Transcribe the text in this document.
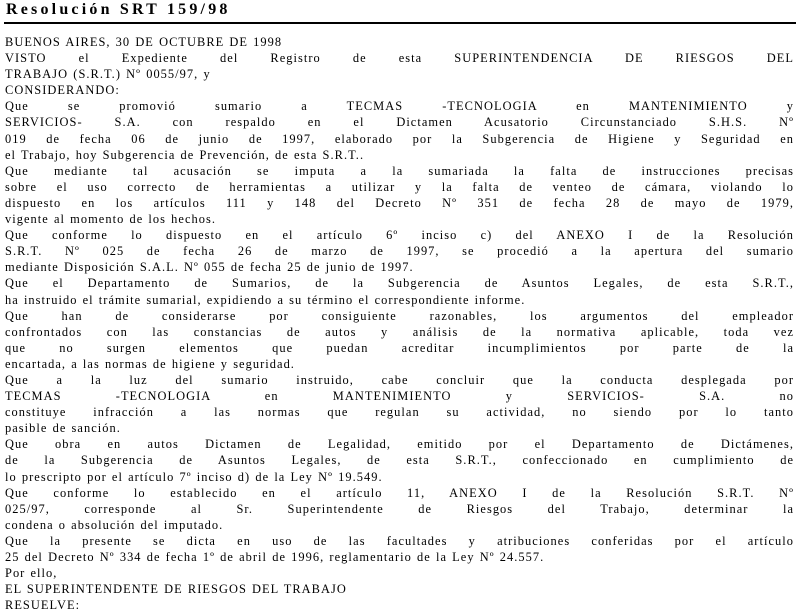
Resolución SRT 159/98
BUENOS AIRES, 30 DE OCTUBRE DE 1998
VISTO el Expediente del Registro de esta SUPERINTENDENCIA DE RIESGOS DEL
TRABAJO (S.R.T.) Nº 0055/97, y
CONSIDERANDO:
Que se promovió sumario a TECMAS -TECNOLOGIA en MANTENIMIENTO y
SERVICIOS- S.A. con respaldo en el Dictamen Acusatorio Circunstanciado S.H.S. Nº
019 de fecha 06 de junio de 1997, elaborado por la Subgerencia de Higiene y Seguridad en
el Trabajo, hoy Subgerencia de Prevención, de esta S.R.T..
Que mediante tal acusación se imputa a la sumariada la falta de instrucciones precisas
sobre el uso correcto de herramientas a utilizar y la falta de venteo de cámara, violando lo
dispuesto en los artículos 111 y 148 del Decreto Nº 351 de fecha 28 de mayo de 1979,
vigente al momento de los hechos.
Que conforme lo dispuesto en el artículo 6º inciso c) del ANEXO I de la Resolución
S.R.T. Nº 025 de fecha 26 de marzo de 1997, se procedió a la apertura del sumario
mediante Disposición S.A.L. Nº 055 de fecha 25 de junio de 1997.
Que el Departamento de Sumarios, de la Subgerencia de Asuntos Legales, de esta S.R.T.,
ha instruido el trámite sumarial, expidiendo a su término el correspondiente informe.
Que han de considerarse por consiguiente razonables, los argumentos del empleador
confrontados con las constancias de autos y análisis de la normativa aplicable, toda vez
que no surgen elementos que puedan acreditar incumplimientos por parte de la
encartada, a las normas de higiene y seguridad.
Que a la luz del sumario instruido, cabe concluir que la conducta desplegada por
TECMAS -TECNOLOGIA en MANTENIMIENTO y SERVICIOS- S.A. no
constituye infracción a las normas que regulan su actividad, no siendo por lo tanto
pasible de sanción.
Que obra en autos Dictamen de Legalidad, emitido por el Departamento de Dictámenes,
de la Subgerencia de Asuntos Legales, de esta S.R.T., confeccionado en cumplimiento de
lo prescripto por el artículo 7º inciso d) de la Ley Nº 19.549.
Que conforme lo establecido en el artículo 11, ANEXO I de la Resolución S.R.T. Nº
025/97, corresponde al Sr. Superintendente de Riesgos del Trabajo, determinar la
condena o absolución del imputado.
Que la presente se dicta en uso de las facultades y atribuciones conferidas por el artículo
25 del Decreto Nº 334 de fecha 1º de abril de 1996, reglamentario de la Ley Nº 24.557.
Por ello,
EL SUPERINTENDENTE DE RIESGOS DEL TRABAJO
RESUELVE:
